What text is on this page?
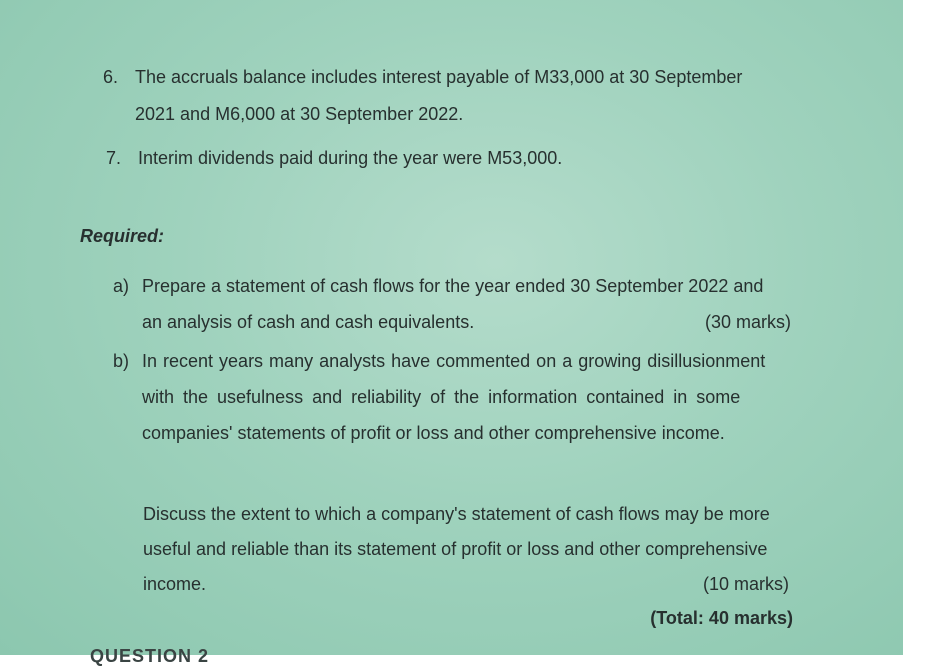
6. The accruals balance includes interest payable of M33,000 at 30 September
2021 and M6,000 at 30 September 2022.
7. Interim dividends paid during the year were M53,000.
Required:
a) Prepare a statement of cash flows for the year ended 30 September 2022 and
an analysis of cash and cash equivalents.	(30 marks)
b) In recent years many analysts have commented on a growing disillusionment
with the usefulness and reliability of the information contained in some
companies' statements of profit or loss and other comprehensive income.
Discuss the extent to which a company's statement of cash flows may be more
useful and reliable than its statement of profit or loss and other comprehensive
income.	(10 marks)
(Total: 40 marks)
QUESTION 2
